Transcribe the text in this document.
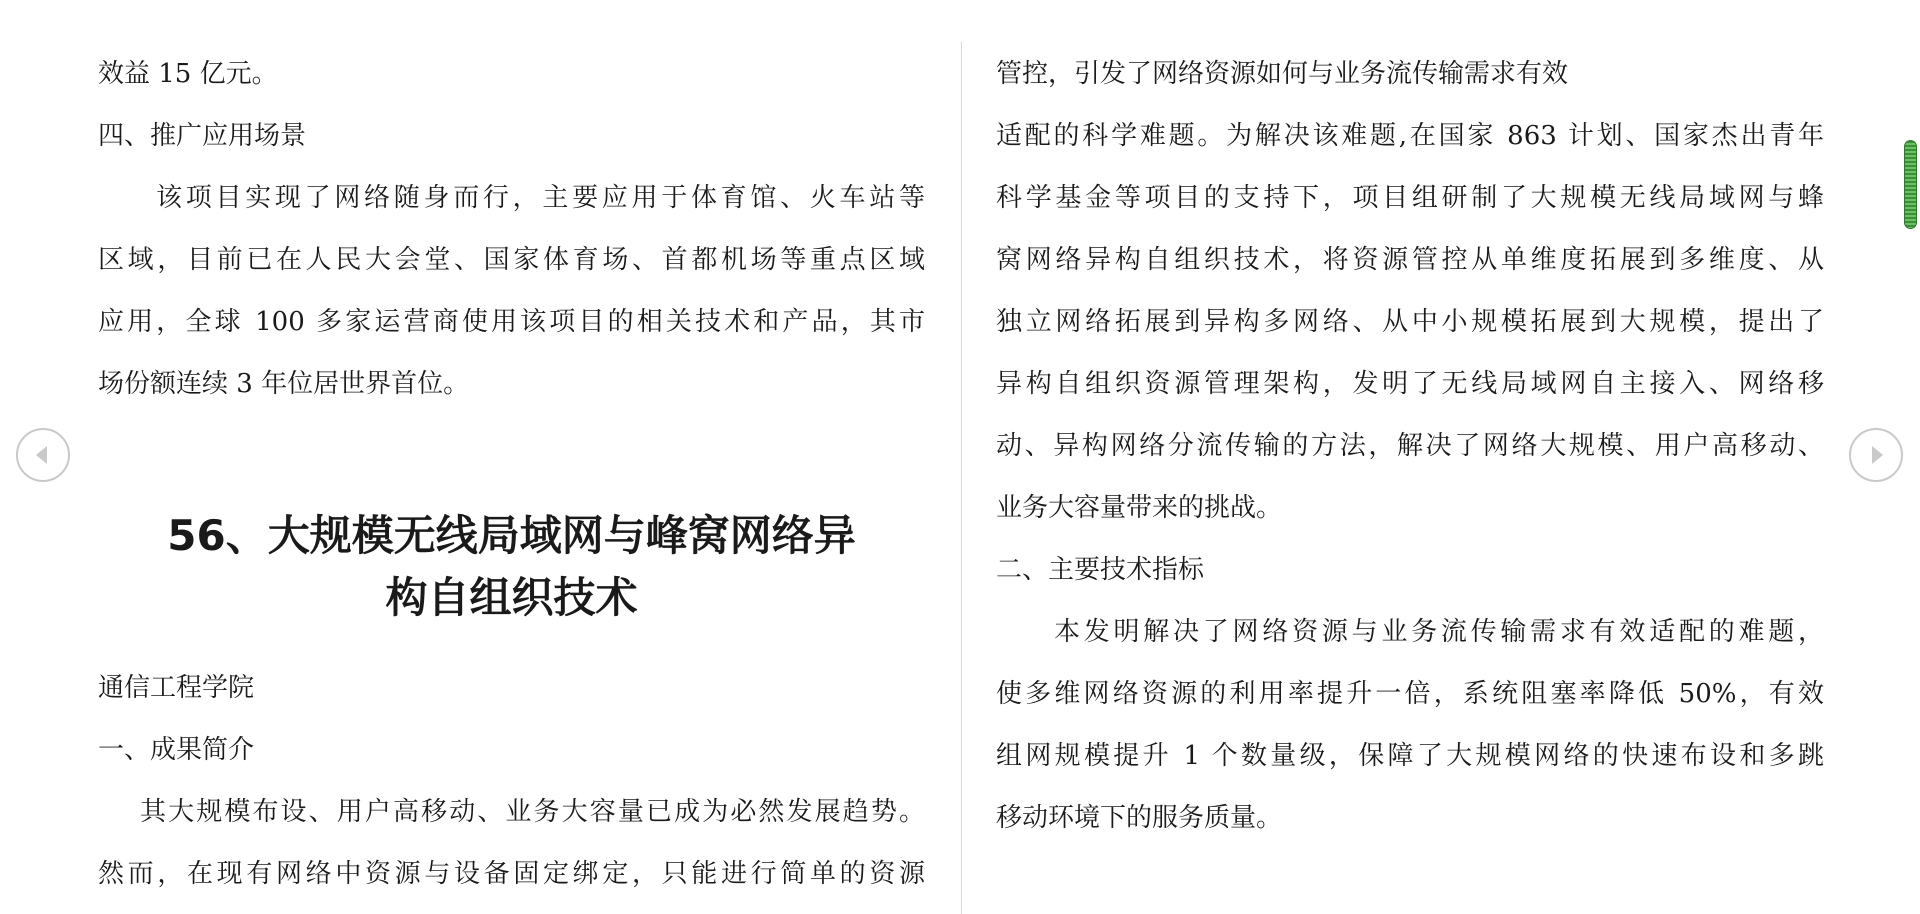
效益 15 亿元。
四、推广应用场景
该项目实现了网络随身而行，主要应用于体育馆、火车站等
区域，目前已在人民大会堂、国家体育场、首都机场等重点区域
应用，全球 100 多家运营商使用该项目的相关技术和产品，其市
场份额连续 3 年位居世界首位。
56、大规模无线局域网与峰窝网络异
构自组织技术
通信工程学院
一、成果简介
其大规模布设、用户高移动、业务大容量已成为必然发展趋势。
然而，在现有网络中资源与设备固定绑定，只能进行简单的资源
管控，引发了网络资源如何与业务流传输需求有效
适配的科学难题。为解决该难题,在国家 863 计划、国家杰出青年
科学基金等项目的支持下，项目组研制了大规模无线局域网与蜂
窝网络异构自组织技术，将资源管控从单维度拓展到多维度、从
独立网络拓展到异构多网络、从中小规模拓展到大规模，提出了
异构自组织资源管理架构，发明了无线局域网自主接入、网络移
动、异构网络分流传输的方法，解决了网络大规模、用户高移动、
业务大容量带来的挑战。
二、主要技术指标
本发明解决了网络资源与业务流传输需求有效适配的难题，
使多维网络资源的利用率提升一倍，系统阻塞率降低 50%，有效
组网规模提升 1 个数量级，保障了大规模网络的快速布设和多跳
移动环境下的服务质量。
